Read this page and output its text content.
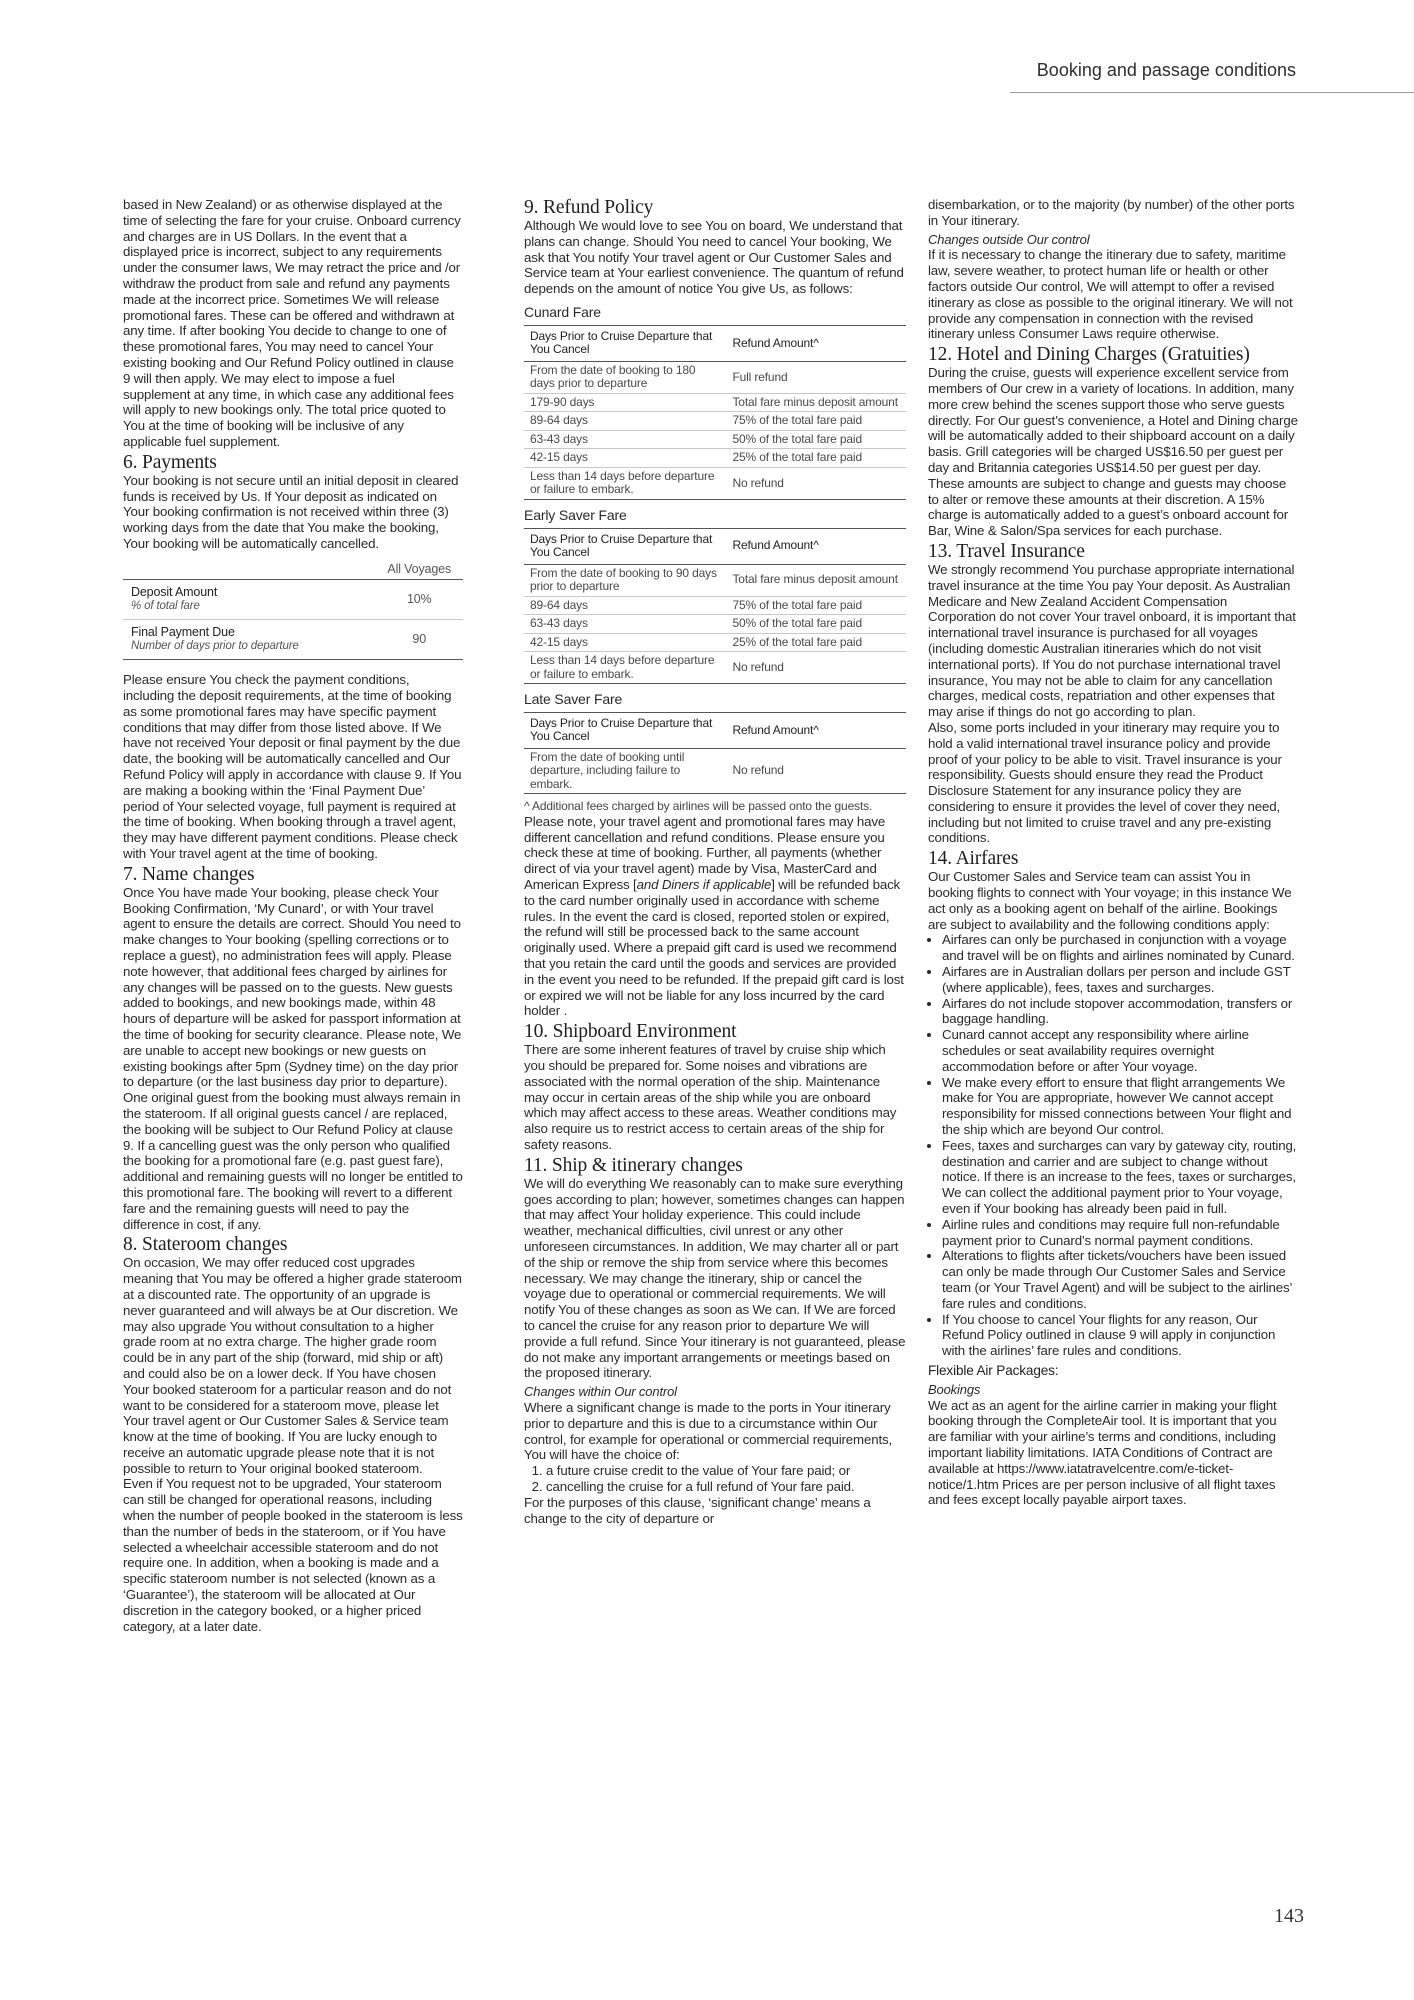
Booking and passage conditions

based in New Zealand) or as otherwise displayed at the time of selecting the fare for your cruise. Onboard currency and charges are in US Dollars. In the event that a displayed price is incorrect, subject to any requirements under the consumer laws, We may retract the price and /or withdraw the product from sale and refund any payments made at the incorrect price. Sometimes We will release promotional fares. These can be offered and withdrawn at any time. If after booking You decide to change to one of these promotional fares, You may need to cancel Your existing booking and Our Refund Policy outlined in clause 9 will then apply. We may elect to impose a fuel supplement at any time, in which case any additional fees will apply to new bookings only. The total price quoted to You at the time of booking will be inclusive of any applicable fuel supplement.

6. Payments

Your booking is not secure until an initial deposit in cleared funds is received by Us. If Your deposit as indicated on Your booking confirmation is not received within three (3) working days from the date that You make the booking, Your booking will be automatically cancelled.

	All Voyages

Deposit Amount
% of total fare	10%

Final Payment Due
Number of days prior to departure	90

Please ensure You check the payment conditions, including the deposit requirements, at the time of booking as some promotional fares may have specific payment conditions that may differ from those listed above. If We have not received Your deposit or final payment by the due date, the booking will be automatically cancelled and Our Refund Policy will apply in accordance with clause 9. If You are making a booking within the ‘Final Payment Due’ period of Your selected voyage, full payment is required at the time of booking. When booking through a travel agent, they may have different payment conditions. Please check with Your travel agent at the time of booking.

7. Name changes

Once You have made Your booking, please check Your Booking Confirmation, ‘My Cunard’, or with Your travel agent to ensure the details are correct. Should You need to make changes to Your booking (spelling corrections or to replace a guest), no administration fees will apply. Please note however, that additional fees charged by airlines for any changes will be passed on to the guests. New guests added to bookings, and new bookings made, within 48 hours of departure will be asked for passport information at the time of booking for security clearance. Please note, We are unable to accept new bookings or new guests on existing bookings after 5pm (Sydney time) on the day prior to departure (or the last business day prior to departure). One original guest from the booking must always remain in the stateroom. If all original guests cancel / are replaced, the booking will be subject to Our Refund Policy at clause 9. If a cancelling guest was the only person who qualified the booking for a promotional fare (e.g. past guest fare), additional and remaining guests will no longer be entitled to this promotional fare. The booking will revert to a different fare and the remaining guests will need to pay the difference in cost, if any.

8. Stateroom changes

On occasion, We may offer reduced cost upgrades meaning that You may be offered a higher grade stateroom at a discounted rate. The opportunity of an upgrade is never guaranteed and will always be at Our discretion. We may also upgrade You without consultation to a higher grade room at no extra charge. The higher grade room could be in any part of the ship (forward, mid ship or aft) and could also be on a lower deck. If You have chosen Your booked stateroom for a particular reason and do not want to be considered for a stateroom move, please let Your travel agent or Our Customer Sales & Service team know at the time of booking. If You are lucky enough to receive an automatic upgrade please note that it is not possible to return to Your original booked stateroom.

Even if You request not to be upgraded, Your stateroom can still be changed for operational reasons, including when the number of people booked in the stateroom is less than the number of beds in the stateroom, or if You have selected a wheelchair accessible stateroom and do not require one. In addition, when a booking is made and a specific stateroom number is not selected (known as a ‘Guarantee’), the stateroom will be allocated at Our discretion in the category booked, or a higher priced category, at a later date.

9. Refund Policy

Although We would love to see You on board, We understand that plans can change. Should You need to cancel Your booking, We ask that You notify Your travel agent or Our Customer Sales and Service team at Your earliest convenience. The quantum of refund depends on the amount of notice You give Us, as follows:

Cunard Fare
Days Prior to Cruise Departure that You Cancel	Refund Amount^
From the date of booking to 180 days prior to departure	Full refund
179-90 days	Total fare minus deposit amount
89-64 days	75% of the total fare paid
63-43 days	50% of the total fare paid
42-15 days	25% of the total fare paid
Less than 14 days before departure or failure to embark.	No refund
Early Saver Fare
Days Prior to Cruise Departure that You Cancel	Refund Amount^
From the date of booking to 90 days prior to departure	Total fare minus deposit amount
89-64 days	75% of the total fare paid
63-43 days	50% of the total fare paid
42-15 days	25% of the total fare paid
Less than 14 days before departure or failure to embark.	No refund
Late Saver Fare
Days Prior to Cruise Departure that You Cancel	Refund Amount^
From the date of booking until departure, including failure to embark.	No refund

^ Additional fees charged by airlines will be passed onto the guests.

Please note, your travel agent and promotional fares may have different cancellation and refund conditions. Please ensure you check these at time of booking. Further, all payments (whether direct of via your travel agent) made by Visa, MasterCard and American Express [and Diners if applicable] will be refunded back to the card number originally used in accordance with scheme rules. In the event the card is closed, reported stolen or expired, the refund will still be processed back to the same account originally used. Where a prepaid gift card is used we recommend that you retain the card until the goods and services are provided in the event you need to be refunded. If the prepaid gift card is lost or expired we will not be liable for any loss incurred by the card holder .

10. Shipboard Environment

There are some inherent features of travel by cruise ship which you should be prepared for. Some noises and vibrations are associated with the normal operation of the ship. Maintenance may occur in certain areas of the ship while you are onboard which may affect access to these areas. Weather conditions may also require us to restrict access to certain areas of the ship for safety reasons.

11. Ship & itinerary changes

We will do everything We reasonably can to make sure everything goes according to plan; however, sometimes changes can happen that may affect Your holiday experience. This could include weather, mechanical difficulties, civil unrest or any other unforeseen circumstances. In addition, We may charter all or part of the ship or remove the ship from service where this becomes necessary. We may change the itinerary, ship or cancel the voyage due to operational or commercial requirements. We will notify You of these changes as soon as We can. If We are forced to cancel the cruise for any reason prior to departure We will provide a full refund. Since Your itinerary is not guaranteed, please do not make any important arrangements or meetings based on the proposed itinerary.

Changes within Our control

Where a significant change is made to the ports in Your itinerary prior to departure and this is due to a circumstance within Our control, for example for operational or commercial requirements, You will have the choice of:

1. a future cruise credit to the value of Your fare paid; or
2. cancelling the cruise for a full refund of Your fare paid.

For the purposes of this clause, ‘significant change’ means a change to the city of departure or

disembarkation, or to the majority (by number) of the other ports in Your itinerary.

Changes outside Our control

If it is necessary to change the itinerary due to safety, maritime law, severe weather, to protect human life or health or other factors outside Our control, We will attempt to offer a revised itinerary as close as possible to the original itinerary. We will not provide any compensation in connection with the revised itinerary unless Consumer Laws require otherwise.

12. Hotel and Dining Charges (Gratuities)

During the cruise, guests will experience excellent service from members of Our crew in a variety of locations. In addition, many more crew behind the scenes support those who serve guests directly. For Our guest’s convenience, a Hotel and Dining charge will be automatically added to their shipboard account on a daily basis. Grill categories will be charged US$16.50 per guest per day and Britannia categories US$14.50 per guest per day. These amounts are subject to change and guests may choose to alter or remove these amounts at their discretion. A 15% charge is automatically added to a guest’s onboard account for Bar, Wine & Salon/Spa services for each purchase.

13. Travel Insurance

We strongly recommend You purchase appropriate international travel insurance at the time You pay Your deposit. As Australian Medicare and New Zealand Accident Compensation Corporation do not cover Your travel onboard, it is important that international travel insurance is purchased for all voyages (including domestic Australian itineraries which do not visit international ports). If You do not purchase international travel insurance, You may not be able to claim for any cancellation charges, medical costs, repatriation and other expenses that may arise if things do not go according to plan.

Also, some ports included in your itinerary may require you to hold a valid international travel insurance policy and provide proof of your policy to be able to visit. Travel insurance is your responsibility. Guests should ensure they read the Product Disclosure Statement for any insurance policy they are considering to ensure it provides the level of cover they need, including but not limited to cruise travel and any pre-existing conditions.

14. Airfares

Our Customer Sales and Service team can assist You in booking flights to connect with Your voyage; in this instance We act only as a booking agent on behalf of the airline. Bookings are subject to availability and the following conditions apply:

• Airfares can only be purchased in conjunction with a voyage and travel will be on flights and airlines nominated by Cunard.
• Airfares are in Australian dollars per person and include GST (where applicable), fees, taxes and surcharges.
• Airfares do not include stopover accommodation, transfers or baggage handling.
• Cunard cannot accept any responsibility where airline schedules or seat availability requires overnight accommodation before or after Your voyage.
• We make every effort to ensure that flight arrangements We make for You are appropriate, however We cannot accept responsibility for missed connections between Your flight and the ship which are beyond Our control.
• Fees, taxes and surcharges can vary by gateway city, routing, destination and carrier and are subject to change without notice. If there is an increase to the fees, taxes or surcharges, We can collect the additional payment prior to Your voyage, even if Your booking has already been paid in full.
• Airline rules and conditions may require full non-refundable payment prior to Cunard’s normal payment conditions.
• Alterations to flights after tickets/vouchers have been issued can only be made through Our Customer Sales and Service team (or Your Travel Agent) and will be subject to the airlines’ fare rules and conditions.
• If You choose to cancel Your flights for any reason, Our Refund Policy outlined in clause 9 will apply in conjunction with the airlines’ fare rules and conditions.

Flexible Air Packages:

Bookings

We act as an agent for the airline carrier in making your flight booking through the CompleteAir tool. It is important that you are familiar with your airline’s terms and conditions, including important liability limitations. IATA Conditions of Contract are available at https://www.iatatravelcentre.com/e-ticket-notice/1.htm Prices are per person inclusive of all flight taxes and fees except locally payable airport taxes.

143
